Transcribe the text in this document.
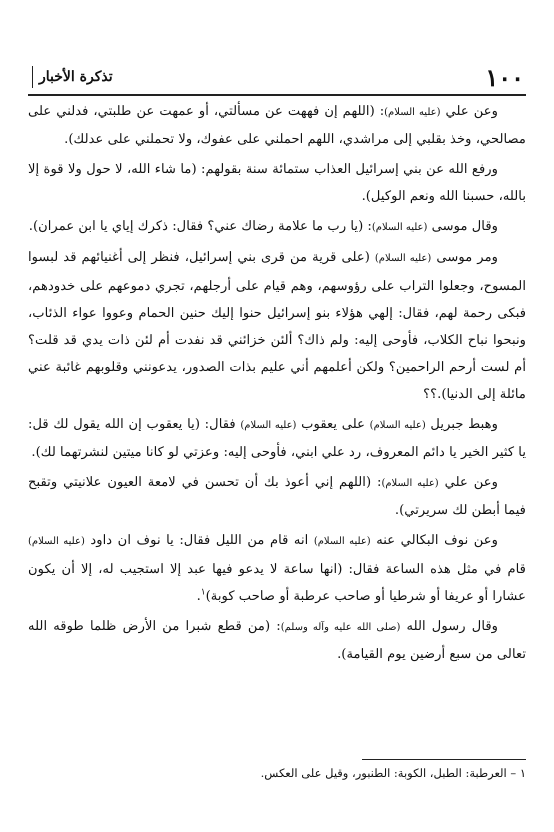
١٠٠
تذكرة الأخبار

وعن علي (عليه السلام): (اللهم إن فههت عن مسألتي، أو عمهت عن طلبتي، فدلني على مصالحي، وخذ بقلبي إلى مراشدي، اللهم احملني على عفوك، ولا تحملني على عدلك).

ورفع الله عن بني إسرائيل العذاب ستمائة سنة بقولهم: (ما شاء الله، لا حول ولا قوة إلا بالله، حسبنا الله ونعم الوكيل).

وقال موسى (عليه السلام): (يا رب ما علامة رضاك عني؟ فقال: ذكرك إياي يا ابن عمران).

ومر موسى (عليه السلام) (على قرية من قرى بني إسرائيل، فنظر إلى أغنيائهم قد لبسوا المسوح، وجعلوا التراب على رؤوسهم، وهم قيام على أرجلهم، تجري دموعهم على خدودهم، فبكى رحمة لهم، فقال: إلهي هؤلاء بنو إسرائيل حنوا إليك حنين الحمام وعووا عواء الذئاب، ونبحوا نباح الكلاب، فأوحى إليه: ولم ذاك؟ ألئن خزائني قد نفدت أم لئن ذات يدي قد قلت؟ أم لست أرحم الراحمين؟ ولكن أعلمهم أني عليم بذات الصدور، يدعونني وقلوبهم غائبة عني مائلة إلى الدنيا).؟؟

وهبط جبريل (عليه السلام) على يعقوب (عليه السلام) فقال: (يا يعقوب إن الله يقول لك قل: يا كثير الخير يا دائم المعروف، رد علي ابني، فأوحى إليه: وعزتي لو كانا ميتين لنشرتهما لك).

وعن علي (عليه السلام): (اللهم إني أعوذ بك أن تحسن في لامعة العيون علانيتي وتقبح فيما أبطن لك سريرتي).

وعن نوف البكالي عنه (عليه السلام) انه قام من الليل فقال: يا نوف ان داود (عليه السلام) قام في مثل هذه الساعة فقال: (انها ساعة لا يدعو فيها عبد إلا استجيب له، إلا أن يكون عشارا أو عريفا أو شرطيا أو صاحب عرطبة أو صاحب كوبة)$^١$.

وقال رسول الله (صلى الله عليه وآله وسلم): (من قطع شبرا من الأرض ظلما طوقه الله تعالى من سبع أرضين يوم القيامة).

١ – العرطبة: الطبل، الكوبة: الطنبور، وقيل على العكس.
